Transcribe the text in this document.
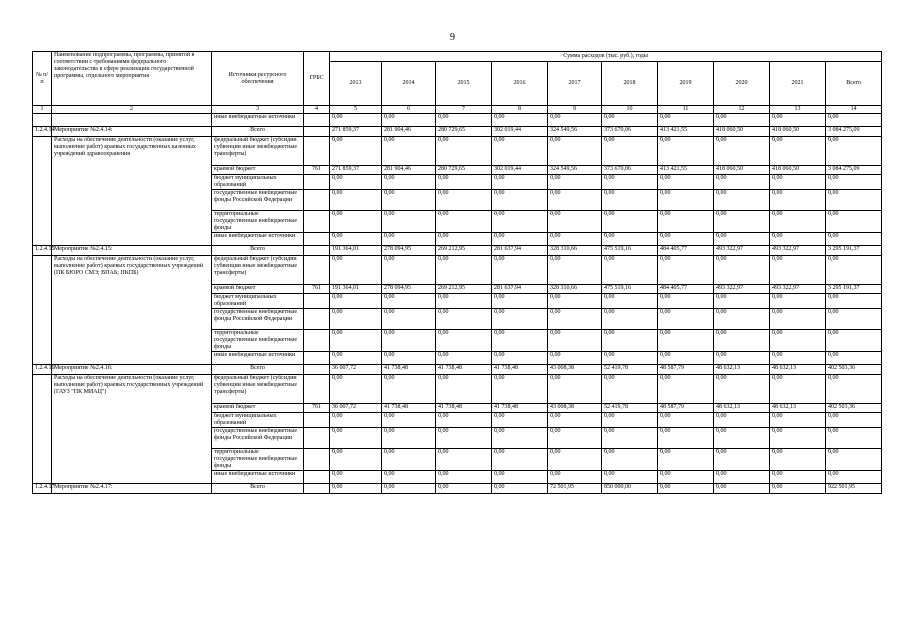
9
№ п/п	Наименование подпрограммы, программы, принятой в соответствии с требованиями федерального законодательства в сфере реализации государственной программы, отдельного мероприятия	Источники ресурсного обеспечения	ГРБС	Сумма расходов (тыс. руб.), годы									
				2013	2014	2015	2016	2017	2018	2019	2020	2021	Всего
1	2	3	4	5	6	7	8	9	10	11	12	13	14
		иные внебюджетные источники		0,00	0,00	0,00	0,00	0,00	0,00	0,00	0,00	0,00	0,00
1.2.4.14	Мероприятие №2.4.14:	Всего		271 859,37	281 904,46	280 729,65	302 019,44	324 549,56	373 670,06	413 421,55	418 060,50	418 060,50	3 084 275,09
	Расходы на обеспечение деятельности (оказание услуг, выполнение работ) краевых государственных казенных учреждений здравоохранения	федеральный бюджет (субсидии субвенции иные межбюджетные трансферты)		0,00	0,00	0,00	0,00	0,00	0,00	0,00	0,00	0,00	0,00
		краевой бюджет	761	271 859,37	281 904,46	280 729,65	302 019,44	324 549,56	373 670,06	413 421,55	418 060,50	418 060,50	3 084 275,09
		бюджет муниципальных образований		0,00	0,00	0,00	0,00	0,00	0,00	0,00	0,00	0,00	0,00
		государственные внебюджетные фонды Российской Федерации		0,00	0,00	0,00	0,00	0,00	0,00	0,00	0,00	0,00	0,00
		территориальные государственные внебюджетные фонды		0,00	0,00	0,00	0,00	0,00	0,00	0,00	0,00	0,00	0,00
		иные внебюджетные источники		0,00	0,00	0,00	0,00	0,00	0,00	0,00	0,00	0,00	0,00
1.2.4.15	Мероприятие №2.4.15:	Всего		191 364,01	278 094,95	269 212,95	281 637,94	328 310,66	475 519,16	484 405,77	493 322,97	493 322,97	3 295 191,37
	Расходы на обеспечение деятельности (оказание услуг, выполнение работ) краевых государственных учреждений (ПК БЮРО СМЭ; ВПАБ; ПКПБ)	федеральный бюджет (субсидии субвенции иные межбюджетные трансферты)		0,00	0,00	0,00	0,00	0,00	0,00	0,00	0,00	0,00	0,00
		краевой бюджет	761	191 364,01	278 094,95	269 212,95	281 637,94	328 310,66	475 519,16	484 405,77	493 322,97	493 322,97	3 295 191,37
		бюджет муниципальных образований		0,00	0,00	0,00	0,00	0,00	0,00	0,00	0,00	0,00	0,00
		государственные внебюджетные фонды Российской Федерации		0,00	0,00	0,00	0,00	0,00	0,00	0,00	0,00	0,00	0,00
		территориальные государственные внебюджетные фонды		0,00	0,00	0,00	0,00	0,00	0,00	0,00	0,00	0,00	0,00
		иные внебюджетные источники		0,00	0,00	0,00	0,00	0,00	0,00	0,00	0,00	0,00	0,00
1.2.4.16	Мероприятие №2.4.16:	Всего		36 007,72	41 738,48	41 738,48	41 738,48	43 008,38	52 419,78	48 587,79	48 632,13	48 632,13	402 503,36
	Расходы на обеспечение деятельности (оказание услуг, выполнение работ) краевых государственных учреждений (ГАУЗ "ПК МИАЦ")	федеральный бюджет (субсидии субвенции иные межбюджетные трансферты)		0,00	0,00	0,00	0,00	0,00	0,00	0,00	0,00	0,00	0,00
		краевой бюджет	761	36 007,72	41 738,48	41 738,48	41 738,48	43 008,38	52 419,78	48 587,79	48 632,13	48 632,13	402 503,36
		бюджет муниципальных образований		0,00	0,00	0,00	0,00	0,00	0,00	0,00	0,00	0,00	0,00
		государственные внебюджетные фонды Российской Федерации		0,00	0,00	0,00	0,00	0,00	0,00	0,00	0,00	0,00	0,00
		территориальные государственные внебюджетные фонды		0,00	0,00	0,00	0,00	0,00	0,00	0,00	0,00	0,00	0,00
		иные внебюджетные источники		0,00	0,00	0,00	0,00	0,00	0,00	0,00	0,00	0,00	0,00
1.2.4.17	Мероприятие №2.4.17:	Всего		0,00	0,00	0,00	0,00	72 501,95	850 000,00	0,00	0,00	0,00	922 501,95
